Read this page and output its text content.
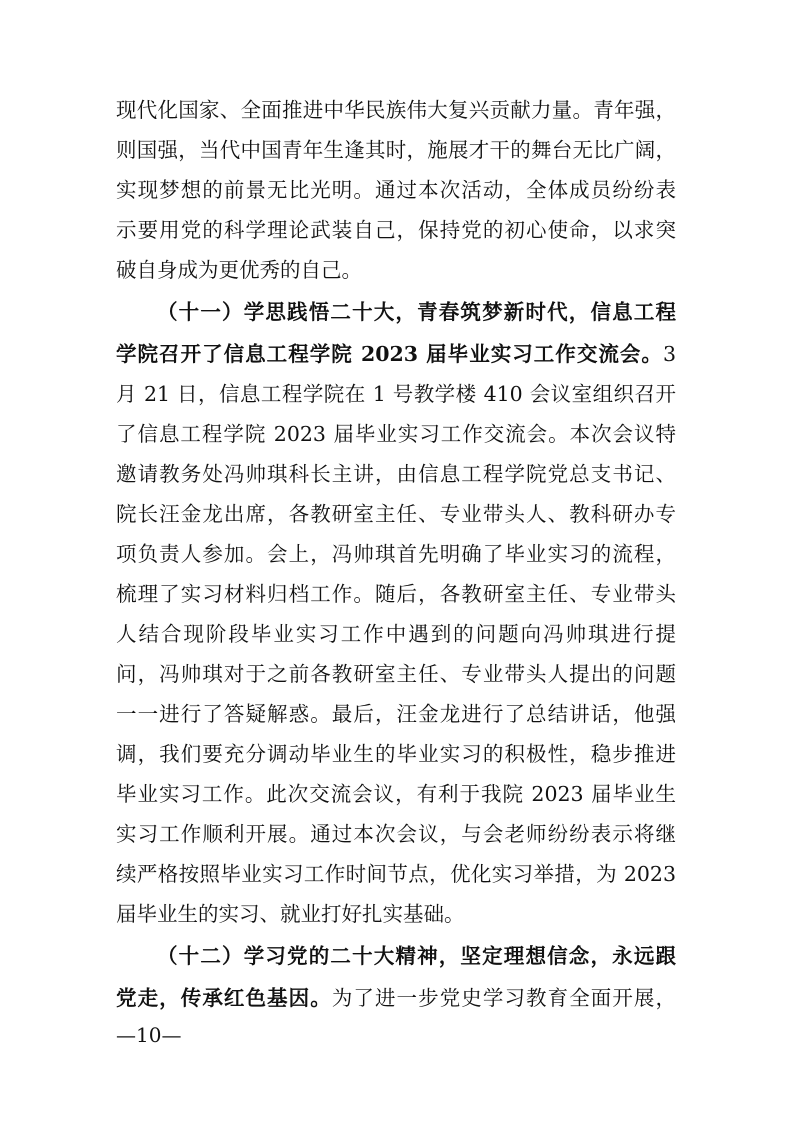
现代化国家、全面推进中华民族伟大复兴贡献力量。青年强，
则国强，当代中国青年生逢其时，施展才干的舞台无比广阔，
实现梦想的前景无比光明。通过本次活动，全体成员纷纷表
示要用党的科学理论武装自己，保持党的初心使命，以求突
破自身成为更优秀的自己。
（十一）学思践悟二十大，青春筑梦新时代，信息工程
学院召开了信息工程学院 2023 届毕业实习工作交流会。3
月 21 日，信息工程学院在 1 号教学楼 410 会议室组织召开
了信息工程学院 2023 届毕业实习工作交流会。本次会议特
邀请教务处冯帅琪科长主讲，由信息工程学院党总支书记、
院长汪金龙出席，各教研室主任、专业带头人、教科研办专
项负责人参加。会上，冯帅琪首先明确了毕业实习的流程，
梳理了实习材料归档工作。随后，各教研室主任、专业带头
人结合现阶段毕业实习工作中遇到的问题向冯帅琪进行提
问，冯帅琪对于之前各教研室主任、专业带头人提出的问题
一一进行了答疑解惑。最后，汪金龙进行了总结讲话，他强
调，我们要充分调动毕业生的毕业实习的积极性，稳步推进
毕业实习工作。此次交流会议，有利于我院 2023 届毕业生
实习工作顺利开展。通过本次会议，与会老师纷纷表示将继
续严格按照毕业实习工作时间节点，优化实习举措，为 2023
届毕业生的实习、就业打好扎实基础。
（十二）学习党的二十大精神，坚定理想信念，永远跟
党走，传承红色基因。为了进一步党史学习教育全面开展，
—10—
